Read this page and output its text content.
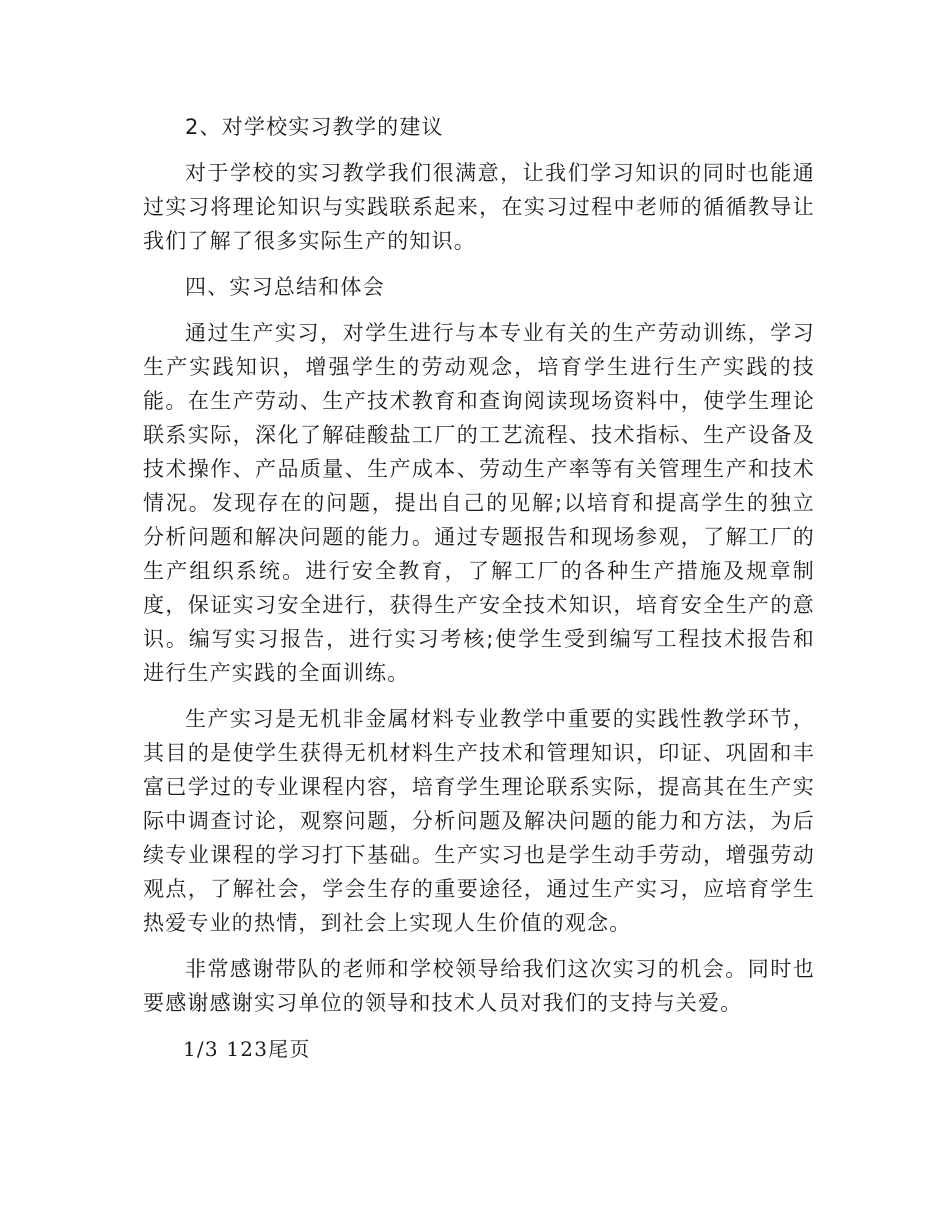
2、对学校实习教学的建议

对于学校的实习教学我们很满意，让我们学习知识的同时也能通过实习将理论知识与实践联系起来，在实习过程中老师的循循教导让我们了解了很多实际生产的知识。

四、实习总结和体会

通过生产实习，对学生进行与本专业有关的生产劳动训练，学习生产实践知识，增强学生的劳动观念，培育学生进行生产实践的技能。在生产劳动、生产技术教育和查询阅读现场资料中，使学生理论联系实际，深化了解硅酸盐工厂的工艺流程、技术指标、生产设备及技术操作、产品质量、生产成本、劳动生产率等有关管理生产和技术情况。发现存在的问题，提出自己的见解;以培育和提高学生的独立分析问题和解决问题的能力。通过专题报告和现场参观，了解工厂的生产组织系统。进行安全教育，了解工厂的各种生产措施及规章制度，保证实习安全进行，获得生产安全技术知识，培育安全生产的意识。编写实习报告，进行实习考核;使学生受到编写工程技术报告和进行生产实践的全面训练。

生产实习是无机非金属材料专业教学中重要的实践性教学环节，其目的是使学生获得无机材料生产技术和管理知识，印证、巩固和丰富已学过的专业课程内容，培育学生理论联系实际，提高其在生产实际中调查讨论，观察问题，分析问题及解决问题的能力和方法，为后续专业课程的学习打下基础。生产实习也是学生动手劳动，增强劳动观点，了解社会，学会生存的重要途径，通过生产实习，应培育学生热爱专业的热情，到社会上实现人生价值的观念。

非常感谢带队的老师和学校领导给我们这次实习的机会。同时也要感谢感谢实习单位的领导和技术人员对我们的支持与关爱。

1/3 123尾页
